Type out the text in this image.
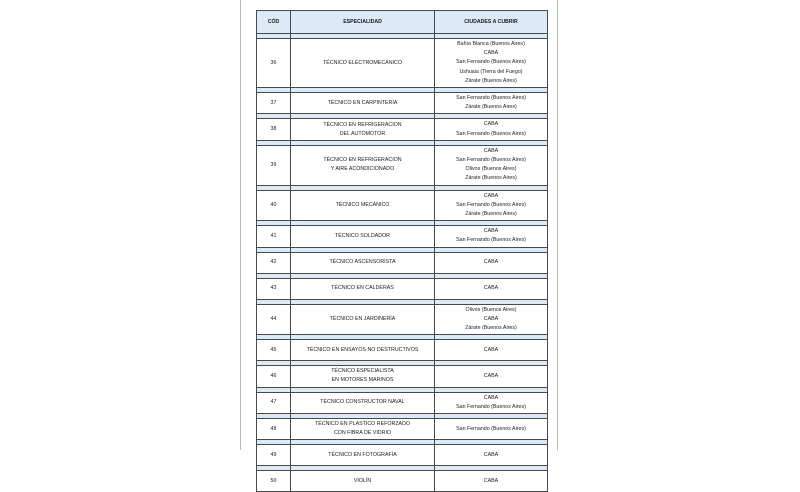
CÓD	ESPECIALIDAD	CIUDADES A CUBRIR

36	TÉCNICO ELECTROMECÁNICO	Bahía Blanca (Buenos Aires)
CABA
San Fernando (Buenos Aires)
Ushuaia (Tierra del Fuego)
Zárate (Buenos Aires)

37	TÉCNICO EN CARPINTERÍA	San Fernando (Buenos Aires)
Zárate (Buenos Aires)

38	TÉCNICO EN REFRIGERACION
DEL AUTOMOTOR	CABA
San Fernando (Buenos Aires)

39	TÉCNICO EN REFRIGERACION
Y AIRE ACONDICIONADO	CABA
San Fernando (Buenos Aires)
Olivos (Buenos Aires)
Zárate (Buenos Aires)

40	TÉCNICO MECÁNICO	CABA
San Fernando (Buenos Aires)
Zárate (Buenos Aires)

41	TÉCNICO SOLDADOR	CABA
San Fernando (Buenos Aires)

42	TÉCNICO ASCENSORISTA	CABA

43	TÉCNICO EN CALDERAS	CABA

44	TÉCNICO EN JARDINERÍA	Olivos (Buenos Aires)
CABA
Zárate (Buenos Aires)

45	TÉCNICO EN ENSAYOS NO DESTRUCTIVOS	CABA

46	TÉCNICO ESPECIALISTA
EN MOTORES MARINOS	CABA

47	TÉCNICO CONSTRUCTOR NAVAL	CABA
San Fernando (Buenos Aires)

48	TÉCNICO EN PLASTICO REFORZADO
CON FIBRA DE VIDRIO	San Fernando (Buenos Aires)

49	TÉCNICO EN FOTOGRAFÍA	CABA

50	VIOLÍN	CABA
